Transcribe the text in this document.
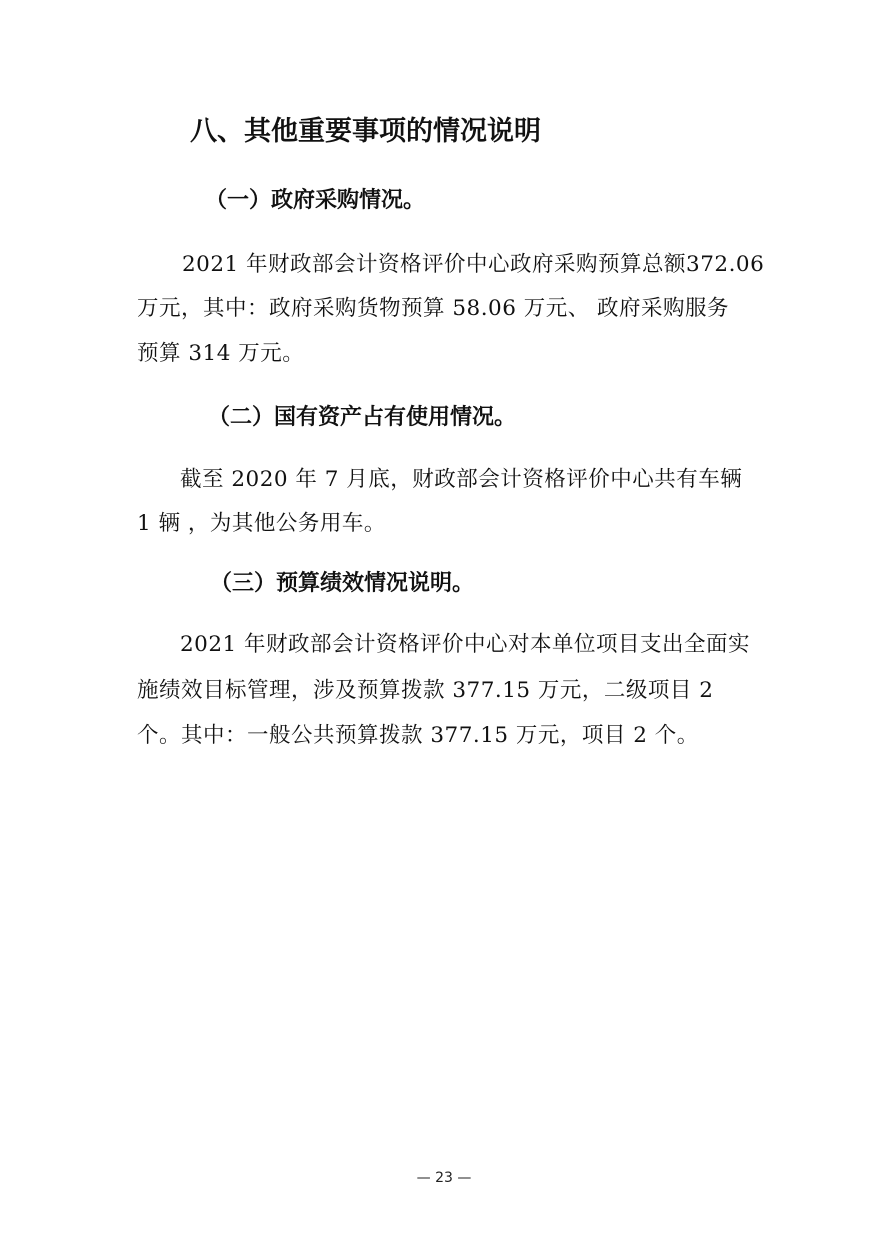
八、其他重要事项的情况说明
（一）政府采购情况。
2021 年财政部会计资格评价中心政府采购预算总额372.06
万元，其中：政府采购货物预算 58.06 万元、 政府采购服务
预算 314 万元。
（二）国有资产占有使用情况。
截至 2020 年 7 月底，财政部会计资格评价中心共有车辆
1 辆 ，为其他公务用车。
（三）预算绩效情况说明。
2021 年财政部会计资格评价中心对本单位项目支出全面实
施绩效目标管理，涉及预算拨款 377.15 万元，二级项目 2
个。其中：一般公共预算拨款 377.15 万元，项目 2 个。
— 23 —
